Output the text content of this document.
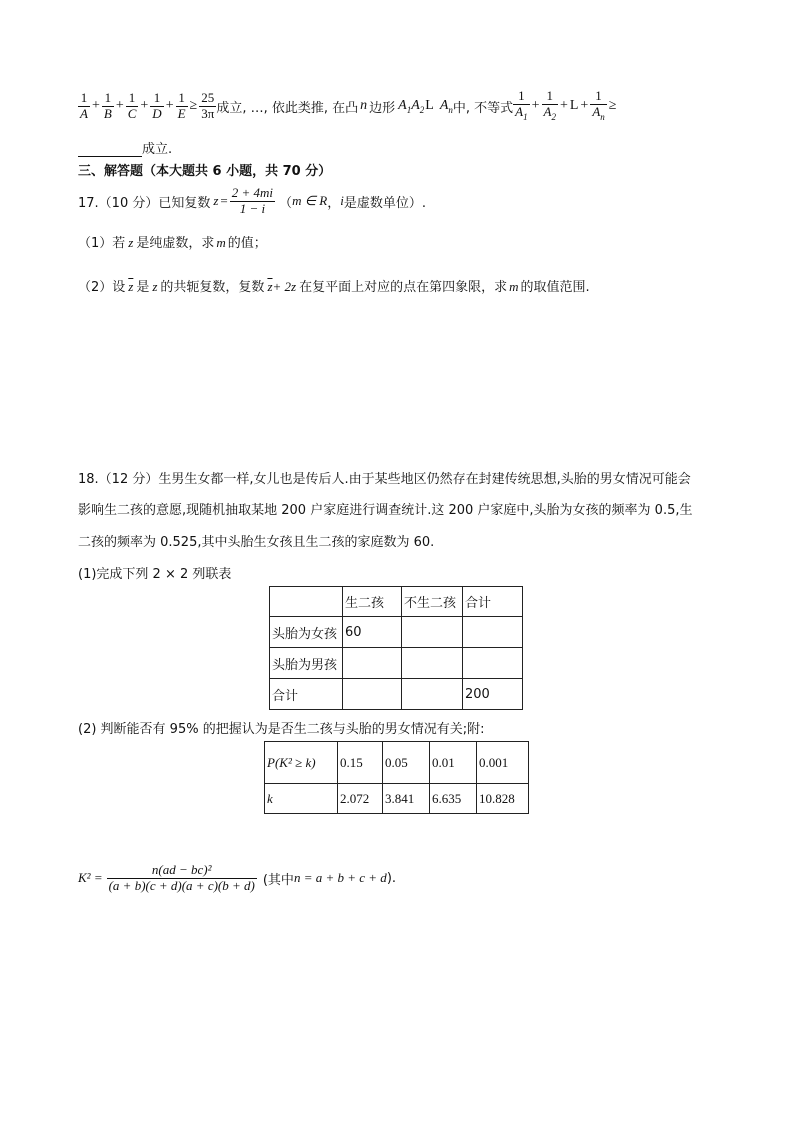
$\frac{1}{A} + \frac{1}{B} + \frac{1}{C} + \frac{1}{D} + \frac{1}{E} \ge \frac{25}{3\pi}$ 成立, …, 依此类推, 在凸 n 边形 $A_1A_2L$ $A_n$ 中, 不等式 $\frac{1}{A_1} + \frac{1}{A_2} + L + \frac{1}{A_n}$ ≥
成立.
三、解答题（本大题共 6 小题，共 70 分）
17.（10 分）已知复数 $z = \frac{2 + 4mi}{1 - i}$ （ m ∈ R ， i 是虚数单位）.
（1）若 z 是纯虚数，求 m 的值；
（2）设 $\overline{z}$ 是 z 的共轭复数，复数 $\overline{z}+ 2z$ 在复平面上对应的点在第四象限，求 m 的取值范围.
18.（12 分）生男生女都一样,女儿也是传后人.由于某些地区仍然存在封建传统思想,头胎的男女情况可能会
影响生二孩的意愿,现随机抽取某地 200 户家庭进行调查统计.这 200 户家庭中,头胎为女孩的频率为 0.5,生
二孩的频率为 0.525,其中头胎生女孩且生二孩的家庭数为 60.
(1)完成下列 2 × 2 列联表
	生二孩	不生二孩	合计
头胎为女孩	60		
头胎为男孩			
合计			200
(2) 判断能否有 95% 的把握认为是否生二孩与头胎的男女情况有关;附:
P(K² ≥ k)	0.15	0.05	0.01	0.001
k	2.072	3.841	6.635	10.828
$K^2 = \frac{\text{n(ad − bc)²}}{(a + b)(c + d)(a + c)(b + d)}$ (其中 n = a + b + c + d ).
